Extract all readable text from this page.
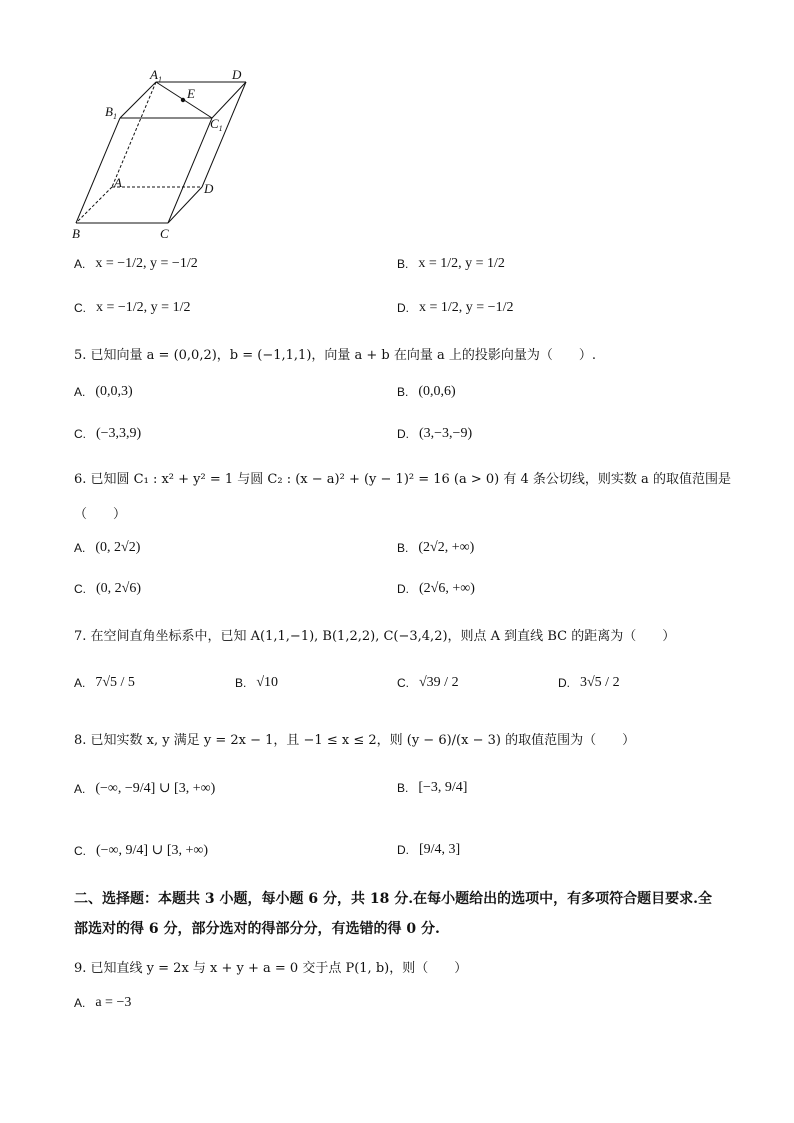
$A_1$	D
E
$B_1$	$C_1$
A	D
B	C
A. x = −1/2, y = −1/2	B. x = 1/2, y = 1/2
C. x = −1/2, y = 1/2	D. x = 1/2, y = −1/2
5. 已知向量 a = (0,0,2)，b = (−1,1,1)，向量 a + b 在向量 a 上的投影向量为（　　）.
A. (0,0,3)	B. (0,0,6)
C. (−3,3,9)	D. (3,−3,−9)
6. 已知圆 C₁ : x² + y² = 1 与圆 C₂ : (x − a)² + (y − 1)² = 16 (a > 0) 有 4 条公切线，则实数 a 的取值范围是
（　　）
A. (0, 2√2)	B. (2√2, +∞)
C. (0, 2√6)	D. (2√6, +∞)
7. 在空间直角坐标系中，已知 A(1,1,−1), B(1,2,2), C(−3,4,2)，则点 A 到直线 BC 的距离为（　　）
A. 7√5 / 5	B. √10	C. √39 / 2	D. 3√5 / 2
8. 已知实数 x, y 满足 y = 2x − 1，且 −1 ≤ x ≤ 2，则 (y − 6)/(x − 3) 的取值范围为（　　）
A. (−∞, −9/4] ∪ [3, +∞)	B. [−3, 9/4]
C. (−∞, 9/4] ∪ [3, +∞)	D. [9/4, 3]
二、选择题：本题共 3 小题，每小题 6 分，共 18 分.在每小题给出的选项中，有多项符合题目要求.全部选对的得 6 分，部分选对的得部分分，有选错的得 0 分.
9. 已知直线 y = 2x 与 x + y + a = 0 交于点 P(1, b)，则（　　）
A. a = −3
